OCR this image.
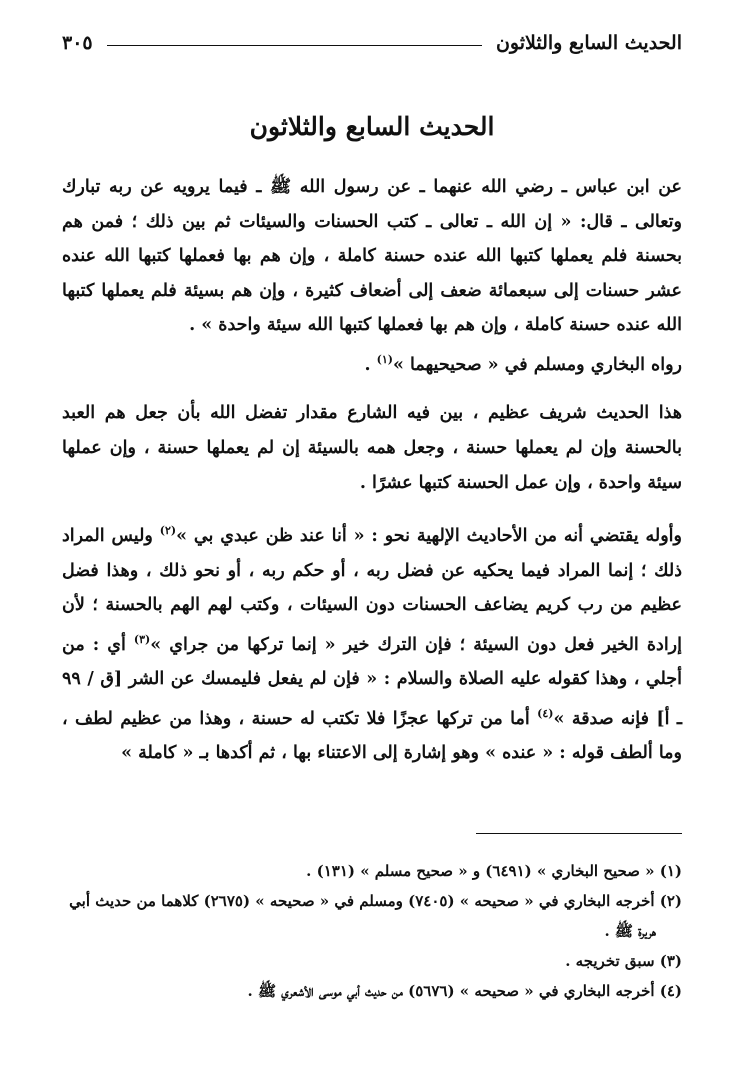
الحديث السابع والثلاثون
٣٠٥
الحديث السابع والثلاثون

عن ابن عباس ـ رضي الله عنهما ـ عن رسول الله ﷺ ـ فيما يرويه عن ربه تبارك وتعالى ـ قال: « إن الله ـ تعالى ـ كتب الحسنات والسيئات ثم بين ذلك ؛ فمن هم بحسنة فلم يعملها كتبها الله عنده حسنة كاملة ، وإن هم بها فعملها كتبها الله عنده عشر حسنات إلى سبعمائة ضعف إلى أضعاف كثيرة ، وإن هم بسيئة فلم يعملها كتبها الله عنده حسنة كاملة ، وإن هم بها فعملها كتبها الله سيئة واحدة » .

رواه البخاري ومسلم في « صحيحيهما »$^{(١)}$ .

هذا الحديث شريف عظيم ، بين فيه الشارع مقدار تفضل الله بأن جعل هم العبد بالحسنة وإن لم يعملها حسنة ، وجعل همه بالسيئة إن لم يعملها حسنة ، وإن عملها سيئة واحدة ، وإن عمل الحسنة كتبها عشرًا .

وأوله يقتضي أنه من الأحاديث الإلهية نحو : « أنا عند ظن عبدي بي »$^{(٢)}$ وليس المراد ذلك ؛ إنما المراد فيما يحكيه عن فضل ربه ، أو حكم ربه ، أو نحو ذلك ، وهذا فضل عظيم من رب كريم يضاعف الحسنات دون السيئات ، وكتب لهم الهم بالحسنة ؛ لأن إرادة الخير فعل دون السيئة ؛ فإن الترك خير « إنما تركها من جراي »$^{(٣)}$ أي : من أجلي ، وهذا كقوله عليه الصلاة والسلام : « فإن لم يفعل فليمسك عن الشر [ق / ٩٩ ـ أ] فإنه صدقة »$^{(٤)}$ أما من تركها عجزًا فلا تكتب له حسنة ، وهذا من عظيم لطف ، وما ألطف قوله : « عنده » وهو إشارة إلى الاعتناء بها ، ثم أكدها بـ « كاملة »

(١) « صحيح البخاري » (٦٤٩١) و « صحيح مسلم » (١٣١) .

(٢) أخرجه البخاري في « صحيحه » (٧٤٠٥) ومسلم في « صحيحه » (٢٦٧٥) كلاهما من حديث أبي

هريرة ﷺ .

(٣) سبق تخريجه .

(٤) أخرجه البخاري في « صحيحه » (٥٦٧٦) من حديث أبي موسى الأشعري ﷺ .
